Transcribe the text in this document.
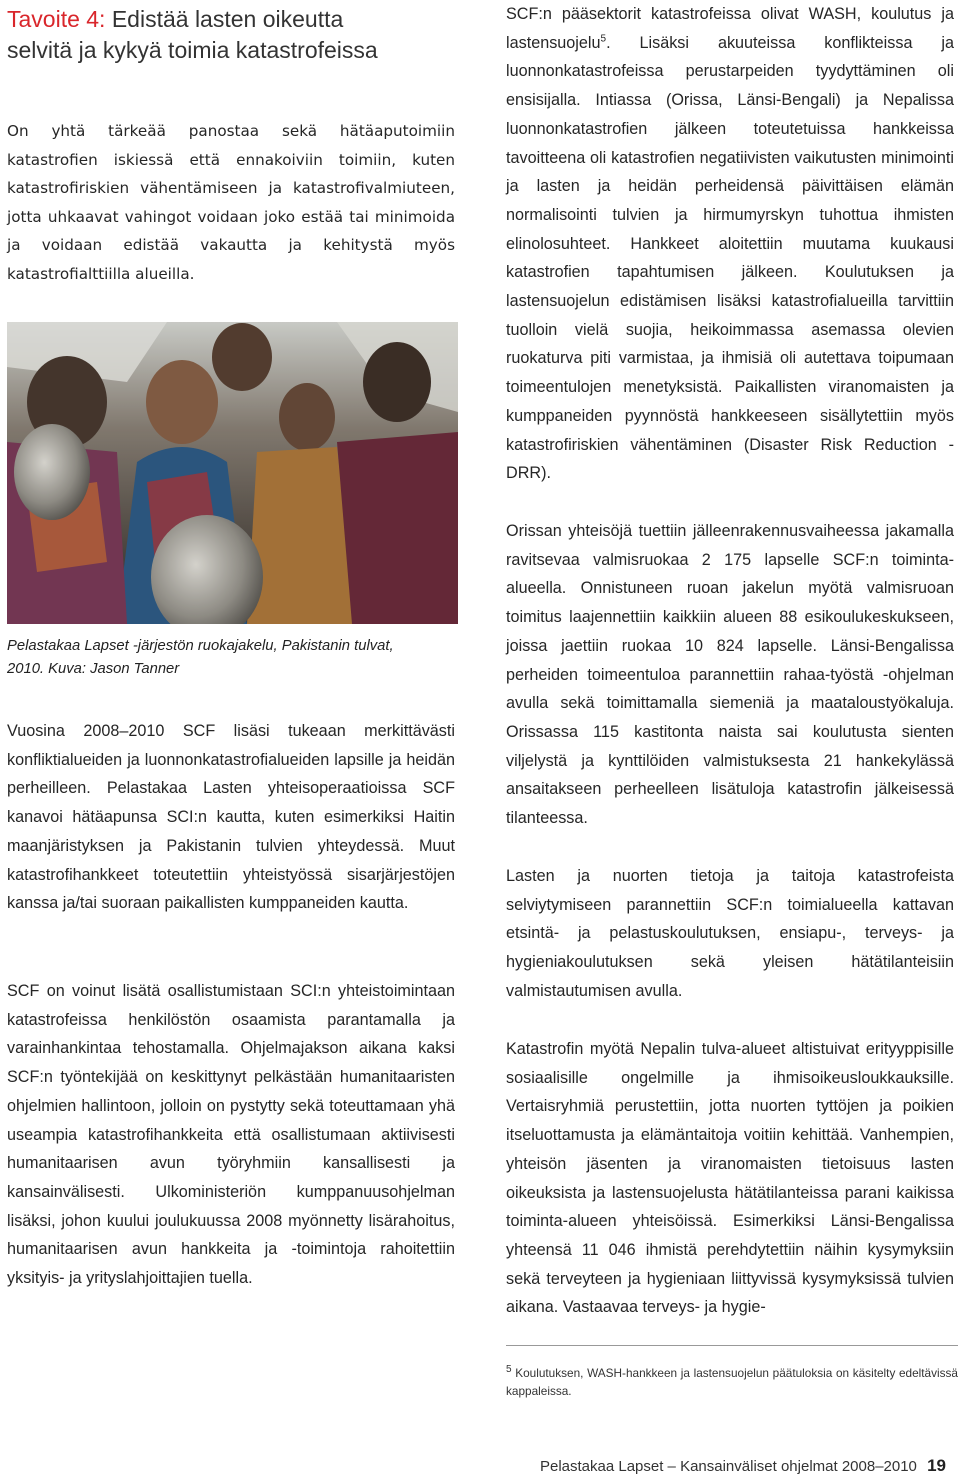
Tavoite 4: Edistää lasten oikeutta
selvitä ja kykyä toimia katastrofeissa

On yhtä tärkeää panostaa sekä hätäaputoimiin katastrofien iskiessä että ennakoiviin toimiin, kuten katastrofiriskien vähentämiseen ja katastrofivalmiuteen, jotta uhkaavat vahingot voidaan joko estää tai minimoida ja voidaan edistää vakautta ja kehitystä myös katastrofialttiilla alueilla.

Pelastakaa Lapset -järjestön ruokajakelu, Pakistanin tulvat,
2010. Kuva: Jason Tanner

Vuosina 2008–2010 SCF lisäsi tukeaan merkittävästi konfliktialueiden ja luonnonkatastrofialueiden lapsille ja heidän perheilleen. Pelastakaa Lasten yhteisoperaatioissa SCF kanavoi hätäapunsa SCI:n kautta, kuten esimerkiksi Haitin maanjäristyksen ja Pakistanin tulvien yhteydessä. Muut katastrofihankkeet toteutettiin yhteistyössä sisarjärjestöjen kanssa ja/tai suoraan paikallisten kumppaneiden kautta.

SCF on voinut lisätä osallistumistaan SCI:n yhteistoimintaan katastrofeissa henkilöstön osaamista parantamalla ja varainhankintaa tehostamalla. Ohjelmajakson aikana kaksi SCF:n työntekijää on keskittynyt pelkästään humanitaaristen ohjelmien hallintoon, jolloin on pystytty sekä toteuttamaan yhä useampia katastrofihankkeita että osallistumaan aktiivisesti humanitaarisen avun työryhmiin kansallisesti ja kansainvälisesti. Ulkoministeriön kumppanuusohjelman lisäksi, johon kuului joulukuussa 2008 myönnetty lisärahoitus, humanitaarisen avun hankkeita ja -toimintoja rahoitettiin yksityis- ja yrityslahjoittajien tuella.

SCF:n pääsektorit katastrofeissa olivat WASH, koulutus ja lastensuojelu$^5$. Lisäksi akuuteissa konflikteissa ja luonnonkatastrofeissa perustarpeiden tyydyttäminen oli ensisijalla. Intiassa (Orissa, Länsi-Bengali) ja Nepalissa luonnonkatastrofien jälkeen toteutetuissa hankkeissa tavoitteena oli katastrofien negatiivisten vaikutusten minimointi ja lasten ja heidän perheidensä päivittäisen elämän normalisointi tulvien ja hirmumyrskyn tuhottua ihmisten elinolosuhteet. Hankkeet aloitettiin muutama kuukausi katastrofien tapahtumisen jälkeen. Koulutuksen ja lastensuojelun edistämisen lisäksi katastrofialueilla tarvittiin tuolloin vielä suojia, heikoimmassa asemassa olevien ruokaturva piti varmistaa, ja ihmisiä oli autettava toipumaan toimeentulojen menetyksistä. Paikallisten viranomaisten ja kumppaneiden pyynnöstä hankkeeseen sisällytettiin myös katastrofiriskien vähentäminen (Disaster Risk Reduction - DRR).

Orissan yhteisöjä tuettiin jälleenrakennusvaiheessa jakamalla ravitsevaa valmisruokaa 2 175 lapselle SCF:n toiminta-alueella. Onnistuneen ruoan jakelun myötä valmisruoan toimitus laajennettiin kaikkiin alueen 88 esikoulukeskukseen, joissa jaettiin ruokaa 10 824 lapselle. Länsi-Bengalissa perheiden toimeentuloa parannettiin rahaa-työstä -ohjelman avulla sekä toimittamalla siemeniä ja maataloustyökaluja. Orissassa 115 kastitonta naista sai koulutusta sienten viljelystä ja kynttilöiden valmistuksesta 21 hankekylässä ansaitakseen perheelleen lisätuloja katastrofin jälkeisessä tilanteessa.

Lasten ja nuorten tietoja ja taitoja katastrofeista selviytymiseen parannettiin SCF:n toimialueella kattavan etsintä- ja pelastuskoulutuksen, ensiapu-, terveys- ja hygieniakoulutuksen sekä yleisen hätätilanteisiin valmistautumisen avulla.

Katastrofin myötä Nepalin tulva-alueet altistuivat erityyppisille sosiaalisille ongelmille ja ihmisoikeusloukkauksille. Vertaisryhmiä perustettiin, jotta nuorten tyttöjen ja poikien itseluottamusta ja elämäntaitoja voitiin kehittää. Vanhempien, yhteisön jäsenten ja viranomaisten tietoisuus lasten oikeuksista ja lastensuojelusta hätätilanteissa parani kaikissa toiminta-alueen yhteisöissä. Esimerkiksi Länsi-Bengalissa yhteensä 11 046 ihmistä perehdytettiin näihin kysymyksiin sekä terveyteen ja hygieniaan liittyvissä kysymyksissä tulvien aikana. Vastaavaa terveys- ja hygie-

$^5$ Koulutuksen, WASH-hankkeen ja lastensuojelun päätuloksia on käsitelty edeltävissä kappaleissa.

Pelastakaa Lapset – Kansainväliset ohjelmat 2008–2010 19
